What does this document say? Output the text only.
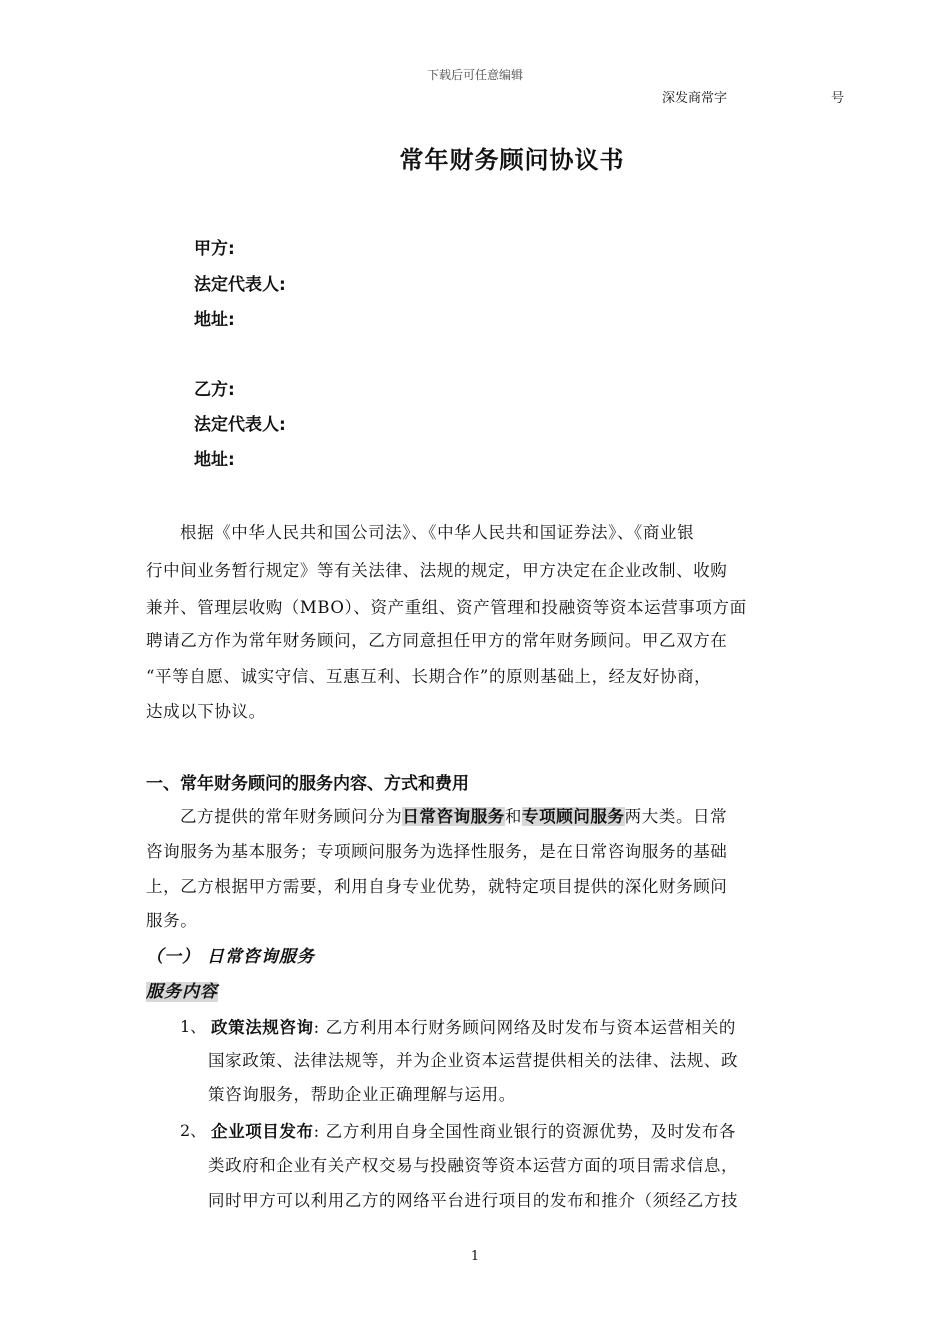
下载后可任意编辑
深发商常字	号
常年财务顾问协议书
甲方:
法定代表人:
地址:
乙方:
法定代表人:
地址:
根据《中华人民共和国公司法》、《中华人民共和国证券法》、《商业银
行中间业务暂行规定》等有关法律、法规的规定，甲方决定在企业改制、收购
兼并、管理层收购（MBO）、资产重组、资产管理和投融资等资本运营事项方面
聘请乙方作为常年财务顾问，乙方同意担任甲方的常年财务顾问。甲乙双方在
“平等自愿、诚实守信、互惠互利、长期合作”的原则基础上，经友好协商，
达成以下协议。
一、常年财务顾问的服务内容、方式和费用
乙方提供的常年财务顾问分为日常咨询服务和专项顾问服务两大类。日常
咨询服务为基本服务；专项顾问服务为选择性服务，是在日常咨询服务的基础
上，乙方根据甲方需要，利用自身专业优势，就特定项目提供的深化财务顾问
服务。
（一） 日常咨询服务
服务内容
1、 政策法规咨询: 乙方利用本行财务顾问网络及时发布与资本运营相关的
国家政策、法律法规等，并为企业资本运营提供相关的法律、法规、政
策咨询服务，帮助企业正确理解与运用。
2、 企业项目发布: 乙方利用自身全国性商业银行的资源优势，及时发布各
类政府和企业有关产权交易与投融资等资本运营方面的项目需求信息，
同时甲方可以利用乙方的网络平台进行项目的发布和推介（须经乙方技
1
